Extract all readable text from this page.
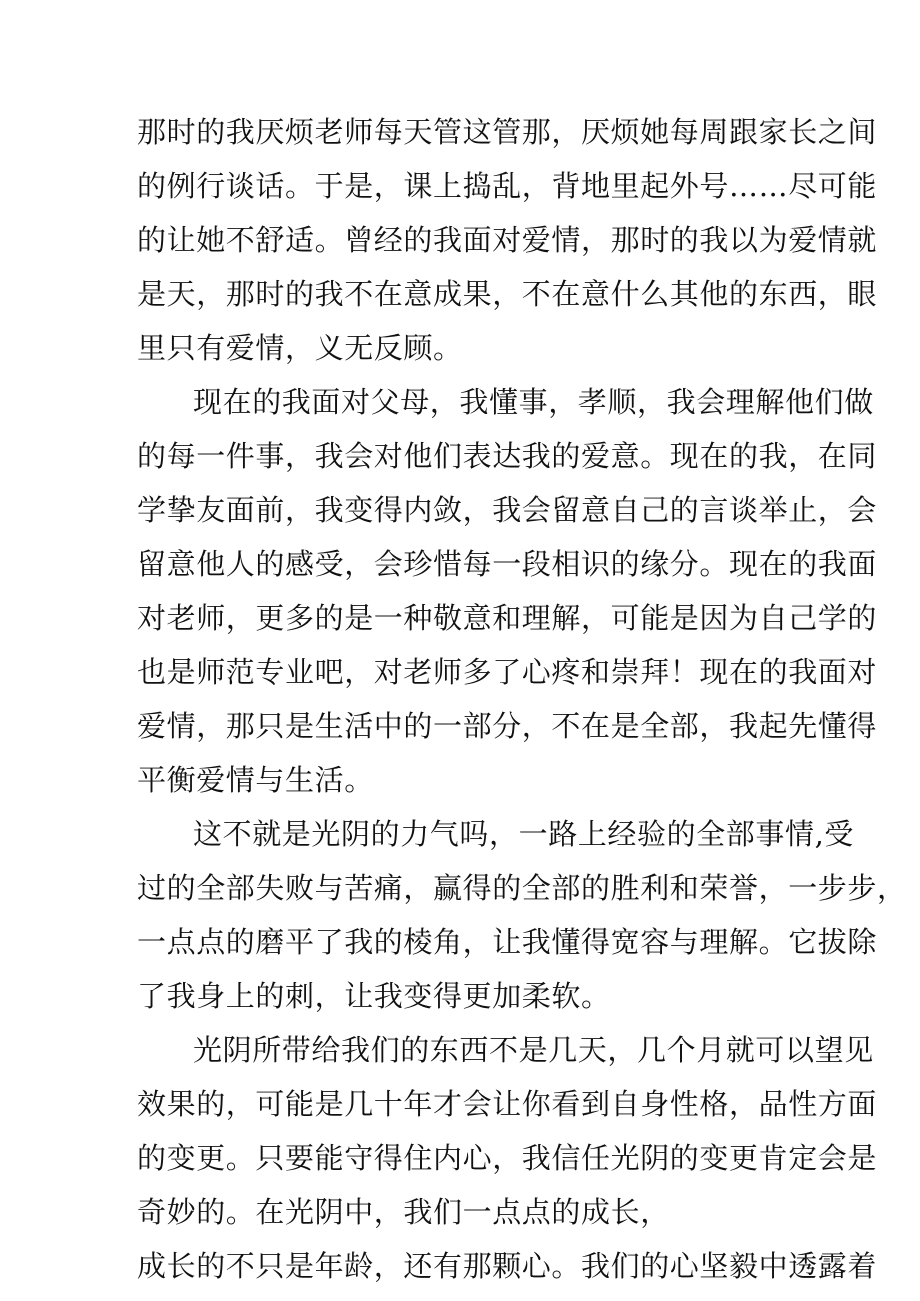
那时的我厌烦老师每天管这管那，厌烦她每周跟家长之间
的例行谈话。于是，课上捣乱，背地里起外号……尽可能
的让她不舒适。曾经的我面对爱情，那时的我以为爱情就
是天，那时的我不在意成果，不在意什么其他的东西，眼
里只有爱情，义无反顾。
现在的我面对父母，我懂事，孝顺，我会理解他们做
的每一件事，我会对他们表达我的爱意。现在的我，在同
学挚友面前，我变得内敛，我会留意自己的言谈举止，会
留意他人的感受，会珍惜每一段相识的缘分。现在的我面
对老师，更多的是一种敬意和理解，可能是因为自己学的
也是师范专业吧，对老师多了心疼和崇拜！现在的我面对
爱情，那只是生活中的一部分，不在是全部，我起先懂得
平衡爱情与生活。
这不就是光阴的力气吗，一路上经验的全部事情,受
过的全部失败与苦痛，赢得的全部的胜利和荣誉，一步步，
一点点的磨平了我的棱角，让我懂得宽容与理解。它拔除
了我身上的刺，让我变得更加柔软。
光阴所带给我们的东西不是几天，几个月就可以望见
效果的，可能是几十年才会让你看到自身性格，品性方面
的变更。只要能守得住内心，我信任光阴的变更肯定会是
奇妙的。在光阴中，我们一点点的成长，
成长的不只是年龄，还有那颗心。我们的心坚毅中透露着
